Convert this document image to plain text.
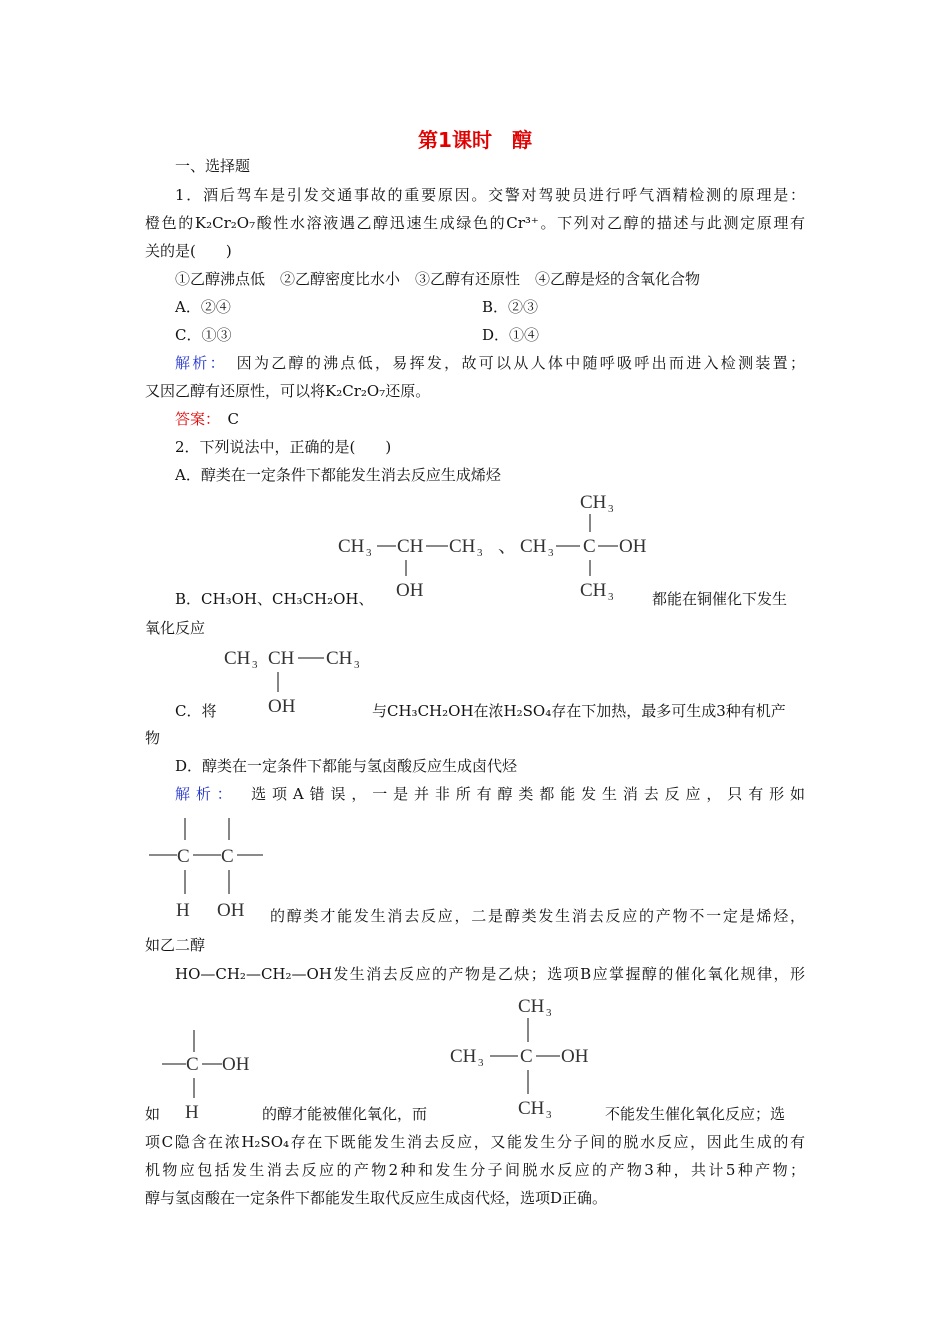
第1课时　醇
一、选择题
1．酒后驾车是引发交通事故的重要原因。交警对驾驶员进行呼气酒精检测的原理是：
橙色的K₂Cr₂O₇酸性水溶液遇乙醇迅速生成绿色的Cr³⁺。下列对乙醇的描述与此测定原理有
关的是(　　)
①乙醇沸点低　②乙醇密度比水小　③乙醇有还原性　④乙醇是烃的含氧化合物
A．②④	B．②③
C．①③	D．①④
解析：　 因为乙醇的沸点低，易挥发，故可以从人体中随呼吸呼出而进入检测装置；
又因乙醇有还原性，可以将K₂Cr₂O₇还原。
答案：　 C
2．下列说法中，正确的是(　　)
A．醇类在一定条件下都能发生消去反应生成烯烃
CH 3 CH CH 3
OH
、
CH 3
CH 3 C OH
CH 3
B．CH₃OH、CH₃CH₂OH、	都能在铜催化下发生
氧化反应
CH 3 CH CH 3
OH
C．将	与CH₃CH₂OH在浓H₂SO₄存在下加热，最多可生成3种有机产
物
D．醇类在一定条件下都能与氢卤酸反应生成卤代烃
解析：　 选项A错误，一是并非所有醇类都能发生消去反应，只有形如
C C
H OH 的醇类才能发生消去反应，二是醇类发生消去反应的产物不一定是烯烃，
如乙二醇
HO—CH₂—CH₂—OH发生消去反应的产物是乙炔；选项B应掌握醇的催化氧化规律，形
C OH
H
CH 3
CH 3 C OH
CH 3
如	的醇才能被催化氧化，而	不能发生催化氧化反应；选
项C隐含在浓H₂SO₄存在下既能发生消去反应，又能发生分子间的脱水反应，因此生成的有
机物应包括发生消去反应的产物2种和发生分子间脱水反应的产物3种，共计5种产物；
醇与氢卤酸在一定条件下都能发生取代反应生成卤代烃，选项D正确。
